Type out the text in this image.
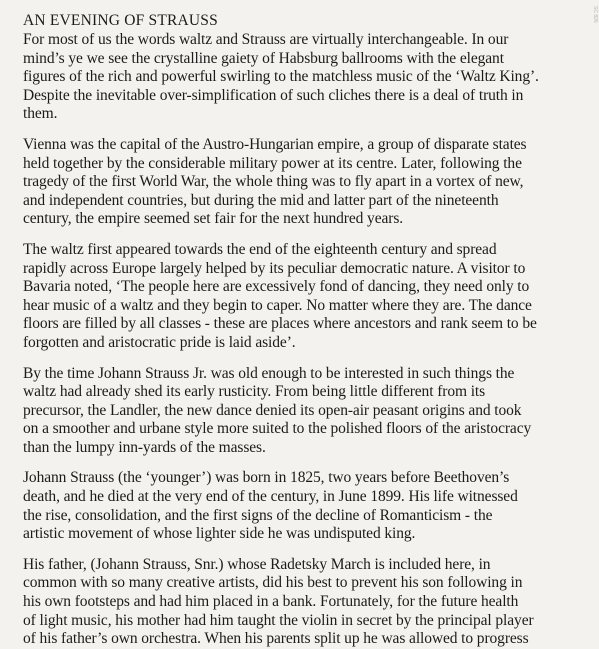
SC 826
AN EVENING OF STRAUSS
For most of us the words waltz and Strauss are virtually interchangeable. In our
mind’s ye we see the crystalline gaiety of Habsburg ballrooms with the elegant
figures of the rich and powerful swirling to the matchless music of the ‘Waltz King’.
Despite the inevitable over-simplification of such cliches there is a deal of truth in
them.
Vienna was the capital of the Austro-Hungarian empire, a group of disparate states
held together by the considerable military power at its centre. Later, following the
tragedy of the first World War, the whole thing was to fly apart in a vortex of new,
and independent countries, but during the mid and latter part of the nineteenth
century, the empire seemed set fair for the next hundred years.
The waltz first appeared towards the end of the eighteenth century and spread
rapidly across Europe largely helped by its peculiar democratic nature. A visitor to
Bavaria noted, ‘The people here are excessively fond of dancing, they need only to
hear music of a waltz and they begin to caper. No matter where they are. The dance
floors are filled by all classes - these are places where ancestors and rank seem to be
forgotten and aristocratic pride is laid aside’.
By the time Johann Strauss Jr. was old enough to be interested in such things the
waltz had already shed its early rusticity. From being little different from its
precursor, the Landler, the new dance denied its open-air peasant origins and took
on a smoother and urbane style more suited to the polished floors of the aristocracy
than the lumpy inn-yards of the masses.
Johann Strauss (the ‘younger’) was born in 1825, two years before Beethoven’s
death, and he died at the very end of the century, in June 1899. His life witnessed
the rise, consolidation, and the first signs of the decline of Romanticism - the
artistic movement of whose lighter side he was undisputed king.
His father, (Johann Strauss, Snr.) whose Radetsky March is included here, in
common with so many creative artists, did his best to prevent his son following in
his own footsteps and had him placed in a bank. Fortunately, for the future health
of light music, his mother had him taught the violin in secret by the principal player
of his father’s own orchestra. When his parents split up he was allowed to progress
